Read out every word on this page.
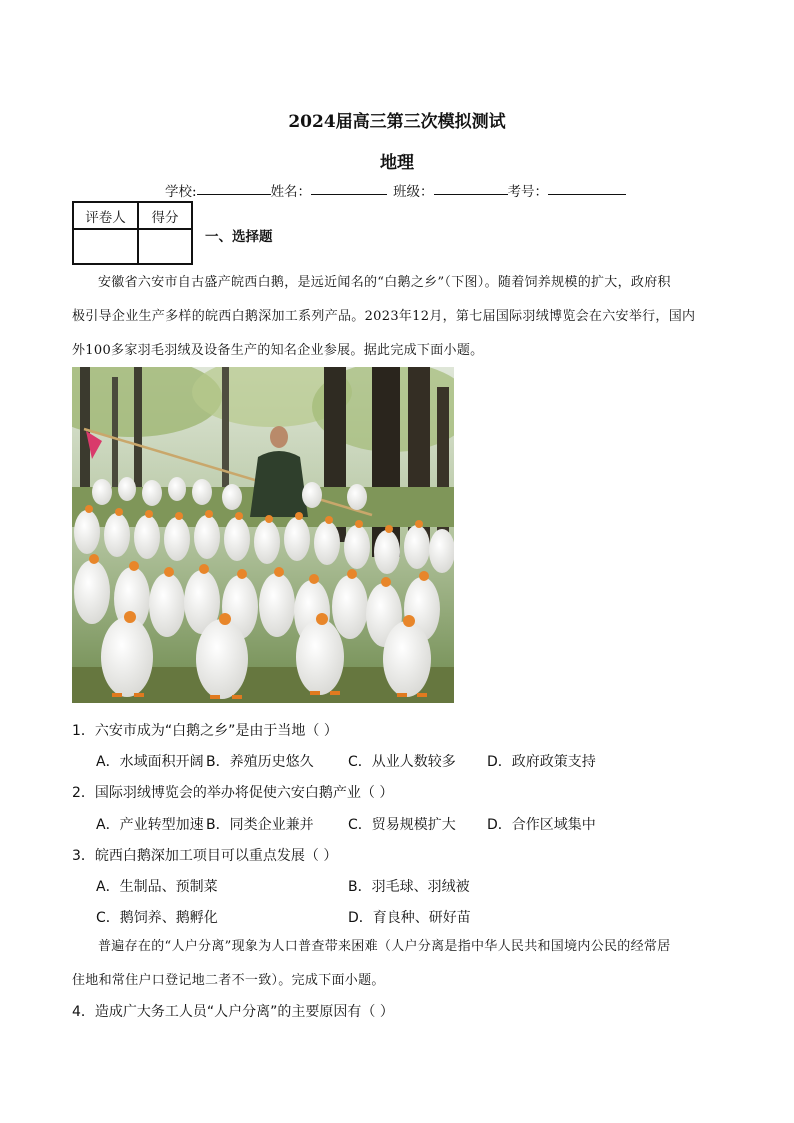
2024届高三第三次模拟测试
地理
学校:	姓名：	班级：	考号：
评卷人	得分

一、选择题
安徽省六安市自古盛产皖西白鹅，是远近闻名的“白鹅之乡”（下图）。随着饲养规模的扩大，政府积
极引导企业生产多样的皖西白鹅深加工系列产品。2023年12月，第七届国际羽绒博览会在六安举行，国内
外100多家羽毛羽绒及设备生产的知名企业参展。据此完成下面小题。
1．六安市成为“白鹅之乡”是由于当地（ ）
A．水域面积开阔 B．养殖历史悠久 C．从业人数较多 D．政府政策支持
2．国际羽绒博览会的举办将促使六安白鹅产业（ ）
A．产业转型加速 B．同类企业兼并 C．贸易规模扩大 D．合作区域集中
3．皖西白鹅深加工项目可以重点发展（ ）
A．生制品、预制菜	B．羽毛球、羽绒被
C．鹅饲养、鹅孵化	D．育良种、研好苗
普遍存在的“人户分离”现象为人口普查带来困难（人户分离是指中华人民共和国境内公民的经常居
住地和常住户口登记地二者不一致）。完成下面小题。
4．造成广大务工人员“人户分离”的主要原因有（ ）
